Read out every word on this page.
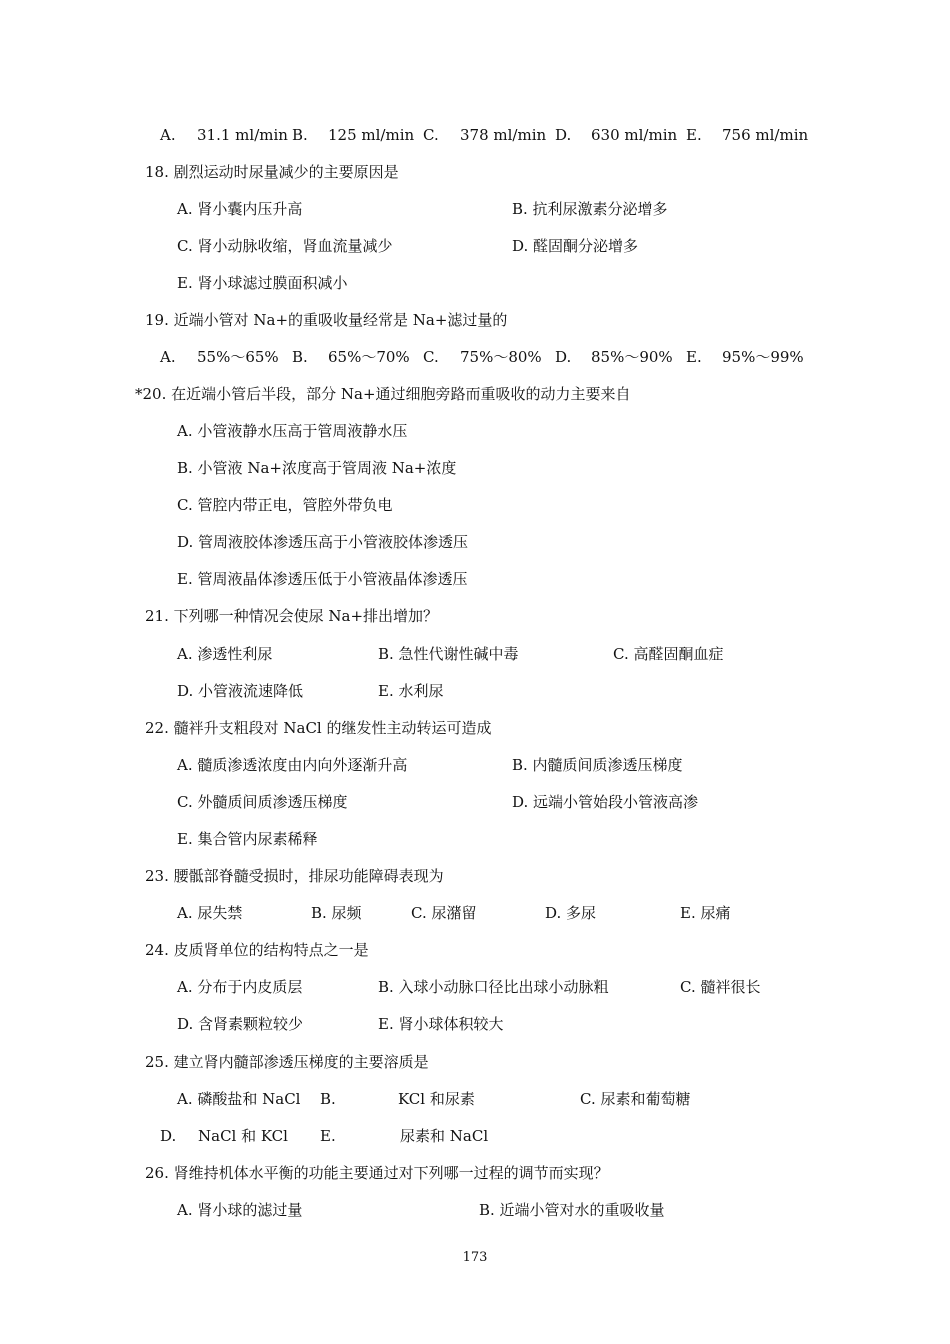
A. 31.1 ml/min B. 125 ml/min C. 378 ml/min D. 630 ml/min E. 756 ml/min
18. 剧烈运动时尿量减少的主要原因是
A. 肾小囊内压升高	B. 抗利尿激素分泌增多
C. 肾小动脉收缩，肾血流量减少	D. 醛固酮分泌增多
E. 肾小球滤过膜面积减小
19. 近端小管对 Na+的重吸收量经常是 Na+滤过量的
A. 55%～65% B. 65%～70% C. 75%～80% D. 85%～90% E. 95%～99%
*20. 在近端小管后半段，部分 Na+通过细胞旁路而重吸收的动力主要来自
A. 小管液静水压高于管周液静水压
B. 小管液 Na+浓度高于管周液 Na+浓度
C. 管腔内带正电，管腔外带负电
D. 管周液胶体渗透压高于小管液胶体渗透压
E. 管周液晶体渗透压低于小管液晶体渗透压
21. 下列哪一种情况会使尿 Na+排出增加？
A. 渗透性利尿	B. 急性代谢性碱中毒	C. 高醛固酮血症
D. 小管液流速降低	E. 水利尿
22. 髓袢升支粗段对 NaCl 的继发性主动转运可造成
A. 髓质渗透浓度由内向外逐渐升高	B. 内髓质间质渗透压梯度
C. 外髓质间质渗透压梯度	D. 远端小管始段小管液高渗
E. 集合管内尿素稀释
23. 腰骶部脊髓受损时，排尿功能障碍表现为
A. 尿失禁	B. 尿频	C. 尿潴留	D. 多尿	E. 尿痛
24. 皮质肾单位的结构特点之一是
A. 分布于内皮质层	B. 入球小动脉口径比出球小动脉粗	C. 髓袢很长
D. 含肾素颗粒较少	E. 肾小球体积较大
25. 建立肾内髓部渗透压梯度的主要溶质是
A. 磷酸盐和 NaCl B.	KCl 和尿素	C. 尿素和葡萄糖
D. NaCl 和 KCl E.	尿素和 NaCl
26. 肾维持机体水平衡的功能主要通过对下列哪一过程的调节而实现？
A. 肾小球的滤过量	B. 近端小管对水的重吸收量
173
